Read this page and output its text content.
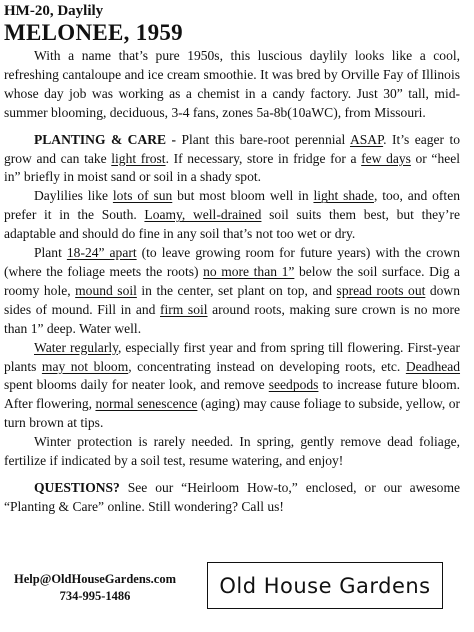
HM-20, Daylily
MELONEE, 1959

With a name that’s pure 1950s, this luscious daylily looks like a cool, refreshing cantaloupe and ice cream smoothie. It was bred by Orville Fay of Illinois whose day job was working as a chemist in a candy factory. Just 30” tall, mid-summer blooming, deciduous, 3-4 fans, zones 5a-8b(10aWC), from Missouri.

PLANTING & CARE - Plant this bare-root perennial ASAP. It’s eager to grow and can take light frost. If necessary, store in fridge for a few days or “heel in” briefly in moist sand or soil in a shady spot.

Daylilies like lots of sun but most bloom well in light shade, too, and often prefer it in the South. Loamy, well-drained soil suits them best, but they’re adaptable and should do fine in any soil that’s not too wet or dry.

Plant 18-24” apart (to leave growing room for future years) with the crown (where the foliage meets the roots) no more than 1” below the soil surface. Dig a roomy hole, mound soil in the center, set plant on top, and spread roots out down sides of mound. Fill in and firm soil around roots, making sure crown is no more than 1” deep. Water well.

Water regularly, especially first year and from spring till flowering. First-year plants may not bloom, concentrating instead on developing roots, etc. Deadhead spent blooms daily for neater look, and remove seedpods to increase future bloom. After flowering, normal senescence (aging) may cause foliage to subside, yellow, or turn brown at tips.

Winter protection is rarely needed. In spring, gently remove dead foliage, fertilize if indicated by a soil test, resume watering, and enjoy!

QUESTIONS? See our “Heirloom How-to,” enclosed, or our awesome “Planting & Care” online. Still wondering? Call us!

Help@OldHouseGardens.com
734-995-1486	Old House Gardens
